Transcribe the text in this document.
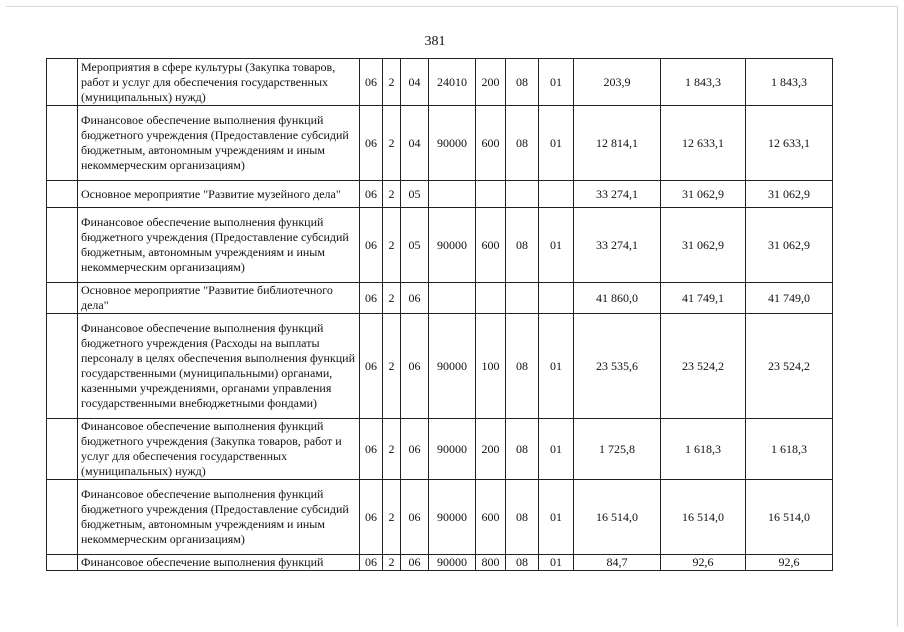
381
	Мероприятия в сфере культуры (Закупка товаров, работ и услуг для обеспечения государственных (муниципальных) нужд)	06	2	04	24010	200	08	01	203,9	1 843,3	1 843,3
	Финансовое обеспечение выполнения функций бюджетного учреждения (Предоставление субсидий бюджетным, автономным учреждениям и иным некоммерческим организациям)	06	2	04	90000	600	08	01	12 814,1	12 633,1	12 633,1
	Основное мероприятие "Развитие музейного дела"	06	2	05					33 274,1	31 062,9	31 062,9
	Финансовое обеспечение выполнения функций бюджетного учреждения (Предоставление субсидий бюджетным, автономным учреждениям и иным некоммерческим организациям)	06	2	05	90000	600	08	01	33 274,1	31 062,9	31 062,9
	Основное мероприятие "Развитие библиотечного дела"	06	2	06					41 860,0	41 749,1	41 749,0
	Финансовое обеспечение выполнения функций бюджетного учреждения (Расходы на выплаты персоналу в целях обеспечения выполнения функций государственными (муниципальными) органами, казенными учреждениями, органами управления государственными внебюджетными фондами)	06	2	06	90000	100	08	01	23 535,6	23 524,2	23 524,2
	Финансовое обеспечение выполнения функций бюджетного учреждения (Закупка товаров, работ и услуг для обеспечения государственных (муниципальных) нужд)	06	2	06	90000	200	08	01	1 725,8	1 618,3	1 618,3
	Финансовое обеспечение выполнения функций бюджетного учреждения (Предоставление субсидий бюджетным, автономным учреждениям и иным некоммерческим организациям)	06	2	06	90000	600	08	01	16 514,0	16 514,0	16 514,0
	Финансовое обеспечение выполнения функций	06	2	06	90000	800	08	01	84,7	92,6	92,6
